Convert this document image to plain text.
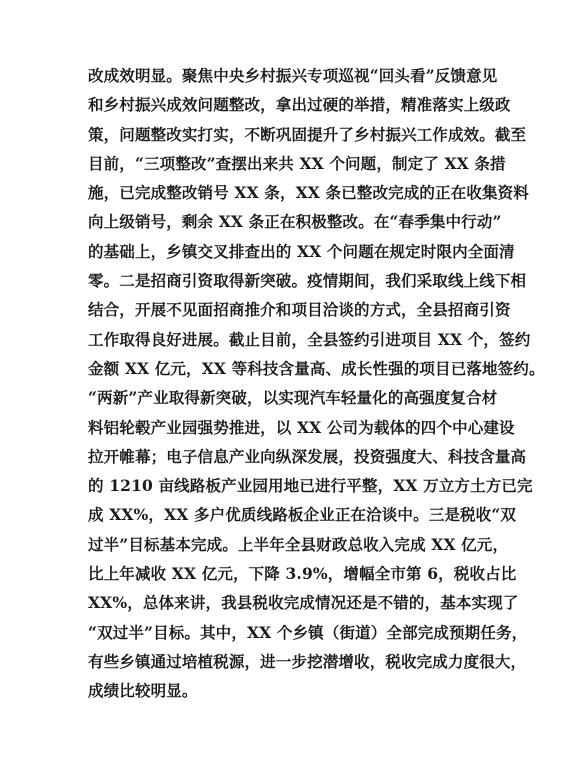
改成效明显。聚焦中央乡村振兴专项巡视“回头看”反馈意见
和乡村振兴成效问题整改，拿出过硬的举措，精准落实上级政
策，问题整改实打实，不断巩固提升了乡村振兴工作成效。截至
目前，“三项整改”查摆出来共 XX 个问题，制定了 XX 条措
施，已完成整改销号 XX 条，XX 条已整改完成的正在收集资料
向上级销号，剩余 XX 条正在积极整改。在“春季集中行动”
的基础上，乡镇交叉排查出的 XX 个问题在规定时限内全面清
零。二是招商引资取得新突破。疫情期间，我们采取线上线下相
结合，开展不见面招商推介和项目洽谈的方式，全县招商引资
工作取得良好进展。截止目前，全县签约引进项目 XX 个，签约
金额 XX 亿元，XX 等科技含量高、成长性强的项目已落地签约。
“两新”产业取得新突破，以实现汽车轻量化的高强度复合材
料铝轮毂产业园强势推进，以 XX 公司为载体的四个中心建设
拉开帷幕；电子信息产业向纵深发展，投资强度大、科技含量高
的 1210 亩线路板产业园用地已进行平整，XX 万立方土方已完
成 XX%，XX 多户优质线路板企业正在洽谈中。三是税收“双
过半”目标基本完成。上半年全县财政总收入完成 XX 亿元，
比上年减收 XX 亿元，下降 3.9%，增幅全市第 6，税收占比
XX%，总体来讲，我县税收完成情况还是不错的，基本实现了
“双过半”目标。其中，XX 个乡镇（街道）全部完成预期任务，
有些乡镇通过培植税源，进一步挖潜增收，税收完成力度很大，
成绩比较明显。
